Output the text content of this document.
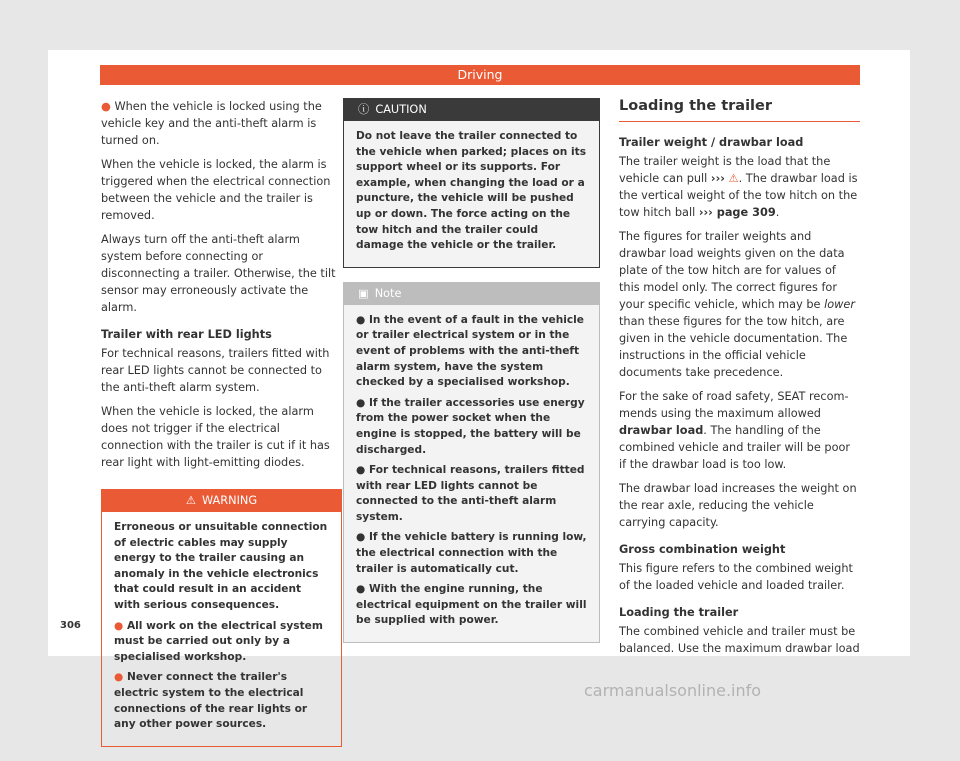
Driving

● When the vehicle is locked using the vehicle key and the anti-theft alarm is turned on.

When the vehicle is locked, the alarm is triggered when the electrical connection between the vehicle and the trailer is removed.

Always turn off the anti-theft alarm system before connecting or disconnecting a trailer. Otherwise, the tilt sensor may erroneously activate the alarm.

Trailer with rear LED lights

For technical reasons, trailers fitted with rear LED lights cannot be connected to the anti-theft alarm system.

When the vehicle is locked, the alarm does not trigger if the electrical connection with the trailer is cut if it has rear light with light-emitting diodes.

⚠ WARNING

Erroneous or unsuitable connection of electric cables may supply energy to the trailer causing an anomaly in the vehicle electronics that could result in an accident with serious consequences.

● All work on the electrical system must be carried out only by a specialised workshop.

● Never connect the trailer's electric system to the electrical connections of the rear lights or any other power sources.

ⓘ CAUTION

Do not leave the trailer connected to the vehicle when parked; places on its support wheel or its supports. For example, when changing the load or a puncture, the vehicle will be pushed up or down. The force acting on the tow hitch and the trailer could damage the vehicle or the trailer.

▣ Note

● In the event of a fault in the vehicle or trailer electrical system or in the event of problems with the anti-theft alarm system, have the system checked by a specialised workshop.

● If the trailer accessories use energy from the power socket when the engine is stopped, the battery will be discharged.

● For technical reasons, trailers fitted with rear LED lights cannot be connected to the anti-theft alarm system.

● If the vehicle battery is running low, the electrical connection with the trailer is automatically cut.

● With the engine running, the electrical equipment on the trailer will be supplied with power.

Loading the trailer

Trailer weight / drawbar load

The trailer weight is the load that the vehicle can pull ››› ⚠. The drawbar load is the vertical weight of the tow hitch on the tow hitch ball ››› page 309.

The figures for trailer weights and drawbar load weights given on the data plate of the tow hitch are for values of this model only. The correct figures for your specific vehicle, which may be lower than these figures for the tow hitch, are given in the vehicle documentation. The instructions in the official vehicle documents take precedence.

For the sake of road safety, SEAT recommends using the maximum allowed drawbar load. The handling of the combined vehicle and trailer will be poor if the drawbar load is too low.

The drawbar load increases the weight on the rear axle, reducing the vehicle carrying capacity.

Gross combination weight

This figure refers to the combined weight of the loaded vehicle and loaded trailer.

Loading the trailer

The combined vehicle and trailer must be balanced. Use the maximum drawbar load

306
carmanualsonline.info
